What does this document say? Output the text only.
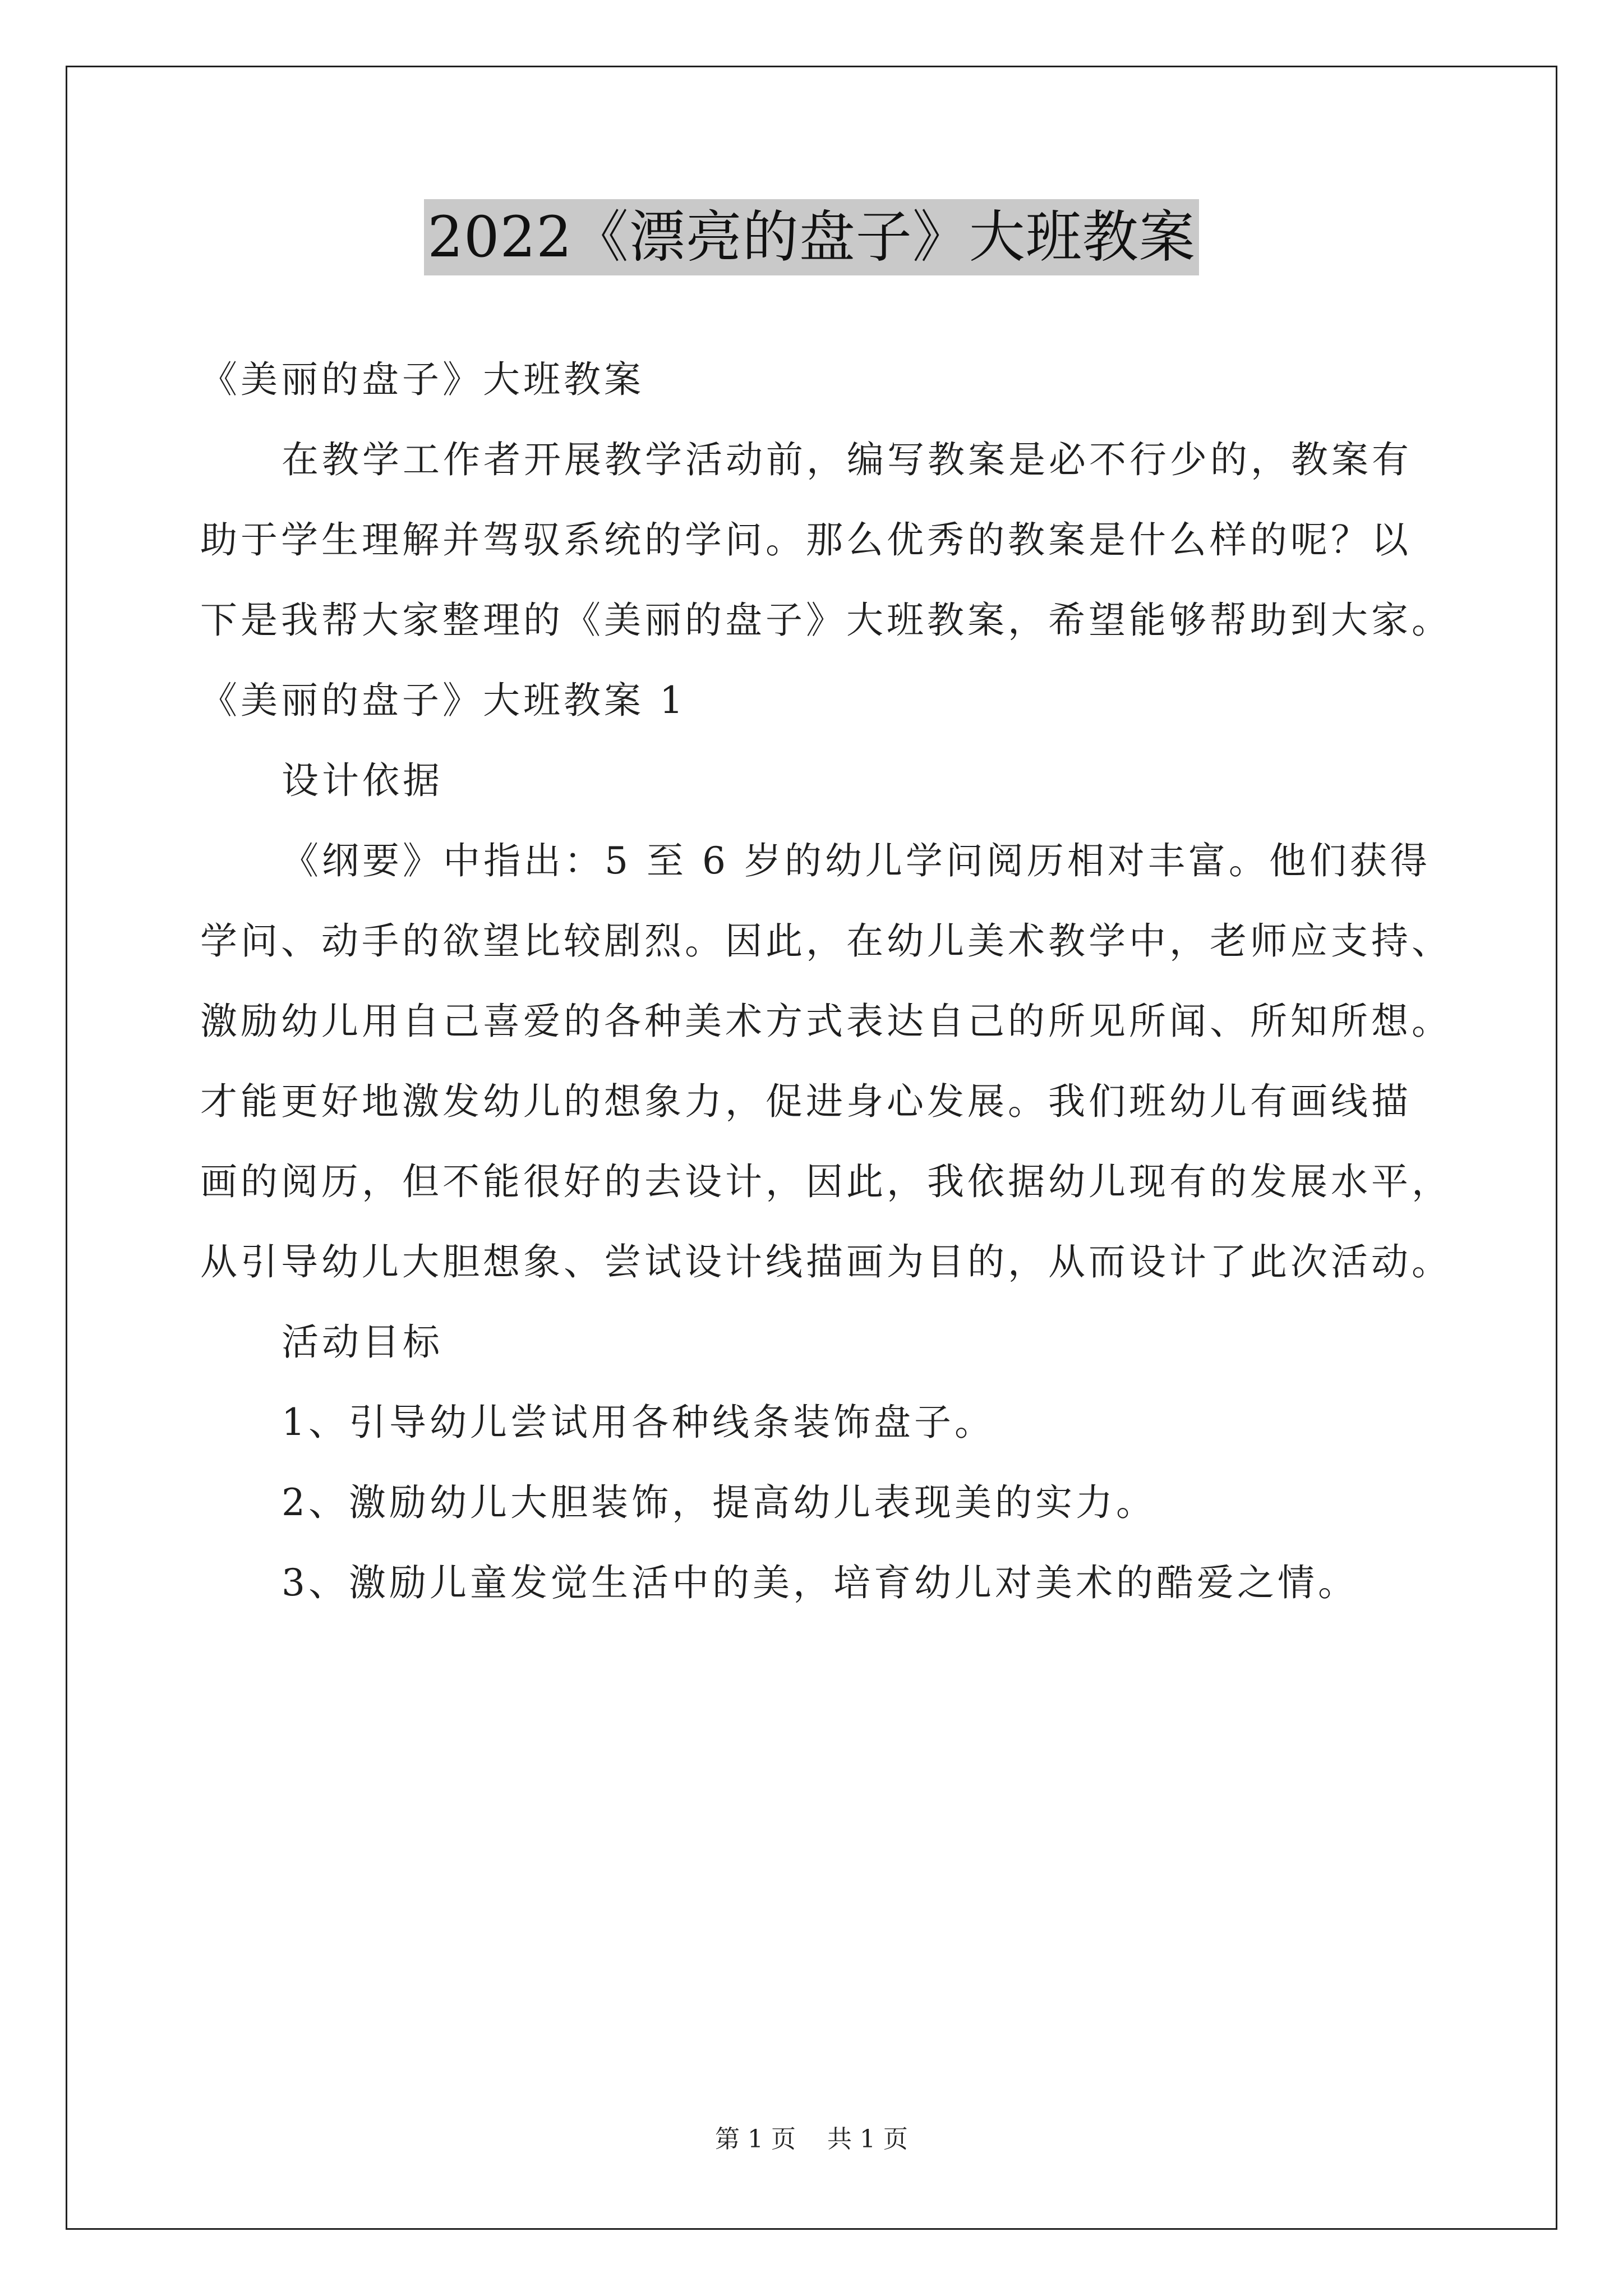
2022《漂亮的盘子》大班教案
《美丽的盘子》大班教案
在教学工作者开展教学活动前，编写教案是必不行少的，教案有
助于学生理解并驾驭系统的学问。那么优秀的教案是什么样的呢？以
下是我帮大家整理的《美丽的盘子》大班教案，希望能够帮助到大家。
《美丽的盘子》大班教案 1
设计依据
《纲要》中指出：5 至 6 岁的幼儿学问阅历相对丰富。他们获得
学问、动手的欲望比较剧烈。因此，在幼儿美术教学中，老师应支持、
激励幼儿用自己喜爱的各种美术方式表达自己的所见所闻、所知所想。
才能更好地激发幼儿的想象力，促进身心发展。我们班幼儿有画线描
画的阅历，但不能很好的去设计，因此，我依据幼儿现有的发展水平，
从引导幼儿大胆想象、尝试设计线描画为目的，从而设计了此次活动。
活动目标
1、引导幼儿尝试用各种线条装饰盘子。
2、激励幼儿大胆装饰，提高幼儿表现美的实力。
3、激励儿童发觉生活中的美，培育幼儿对美术的酷爱之情。
第 1 页    共 1 页
